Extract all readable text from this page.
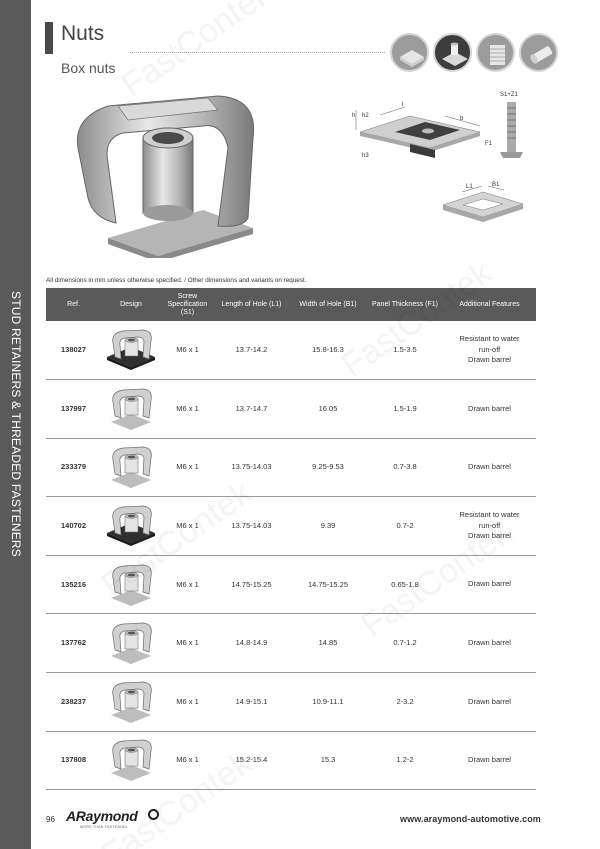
STUD RETAINERS & THREADED FASTENERS
Nuts
Box nuts
h h2
h3
l
b
F1
S1+Z1
L1	B1
All dimensions in mm unless otherwise specified. / Other dimensions and variants on request.
Ref.	Design	Screw Specification (S1)	Length of Hole (L1)	Width of Hole (B1)	Panel Thickness (F1)	Additional Features
138027		M6 x 1	13.7-14.2	15.8-16.3	1.5-3.5	Resistant to water
run-off
Drawn barrel

137997		M6 x 1	13.7-14.7	16.05	1.5-1.9	Drawn barrel

233379		M6 x 1	13.75-14.03	9.25-9.53	0.7-3.8	Drawn barrel

140702		M6 x 1	13.75-14.03	9.39	0.7-2	Resistant to water
run-off
Drawn barrel

135216		M6 x 1	14.75-15.25	14.75-15.25	0.65-1.8	Drawn barrel

137762		M6 x 1	14.8-14.9	14.85	0.7-1.2	Drawn barrel

238237		M6 x 1	14.9-15.1	10.9-11.1	2-3.2	Drawn barrel

137808		M6 x 1	15.2-15.4	15.3	1.2-2	Drawn barrel
96 ARaymond
MORE THAN FASTENING
www.araymond-automotive.com
